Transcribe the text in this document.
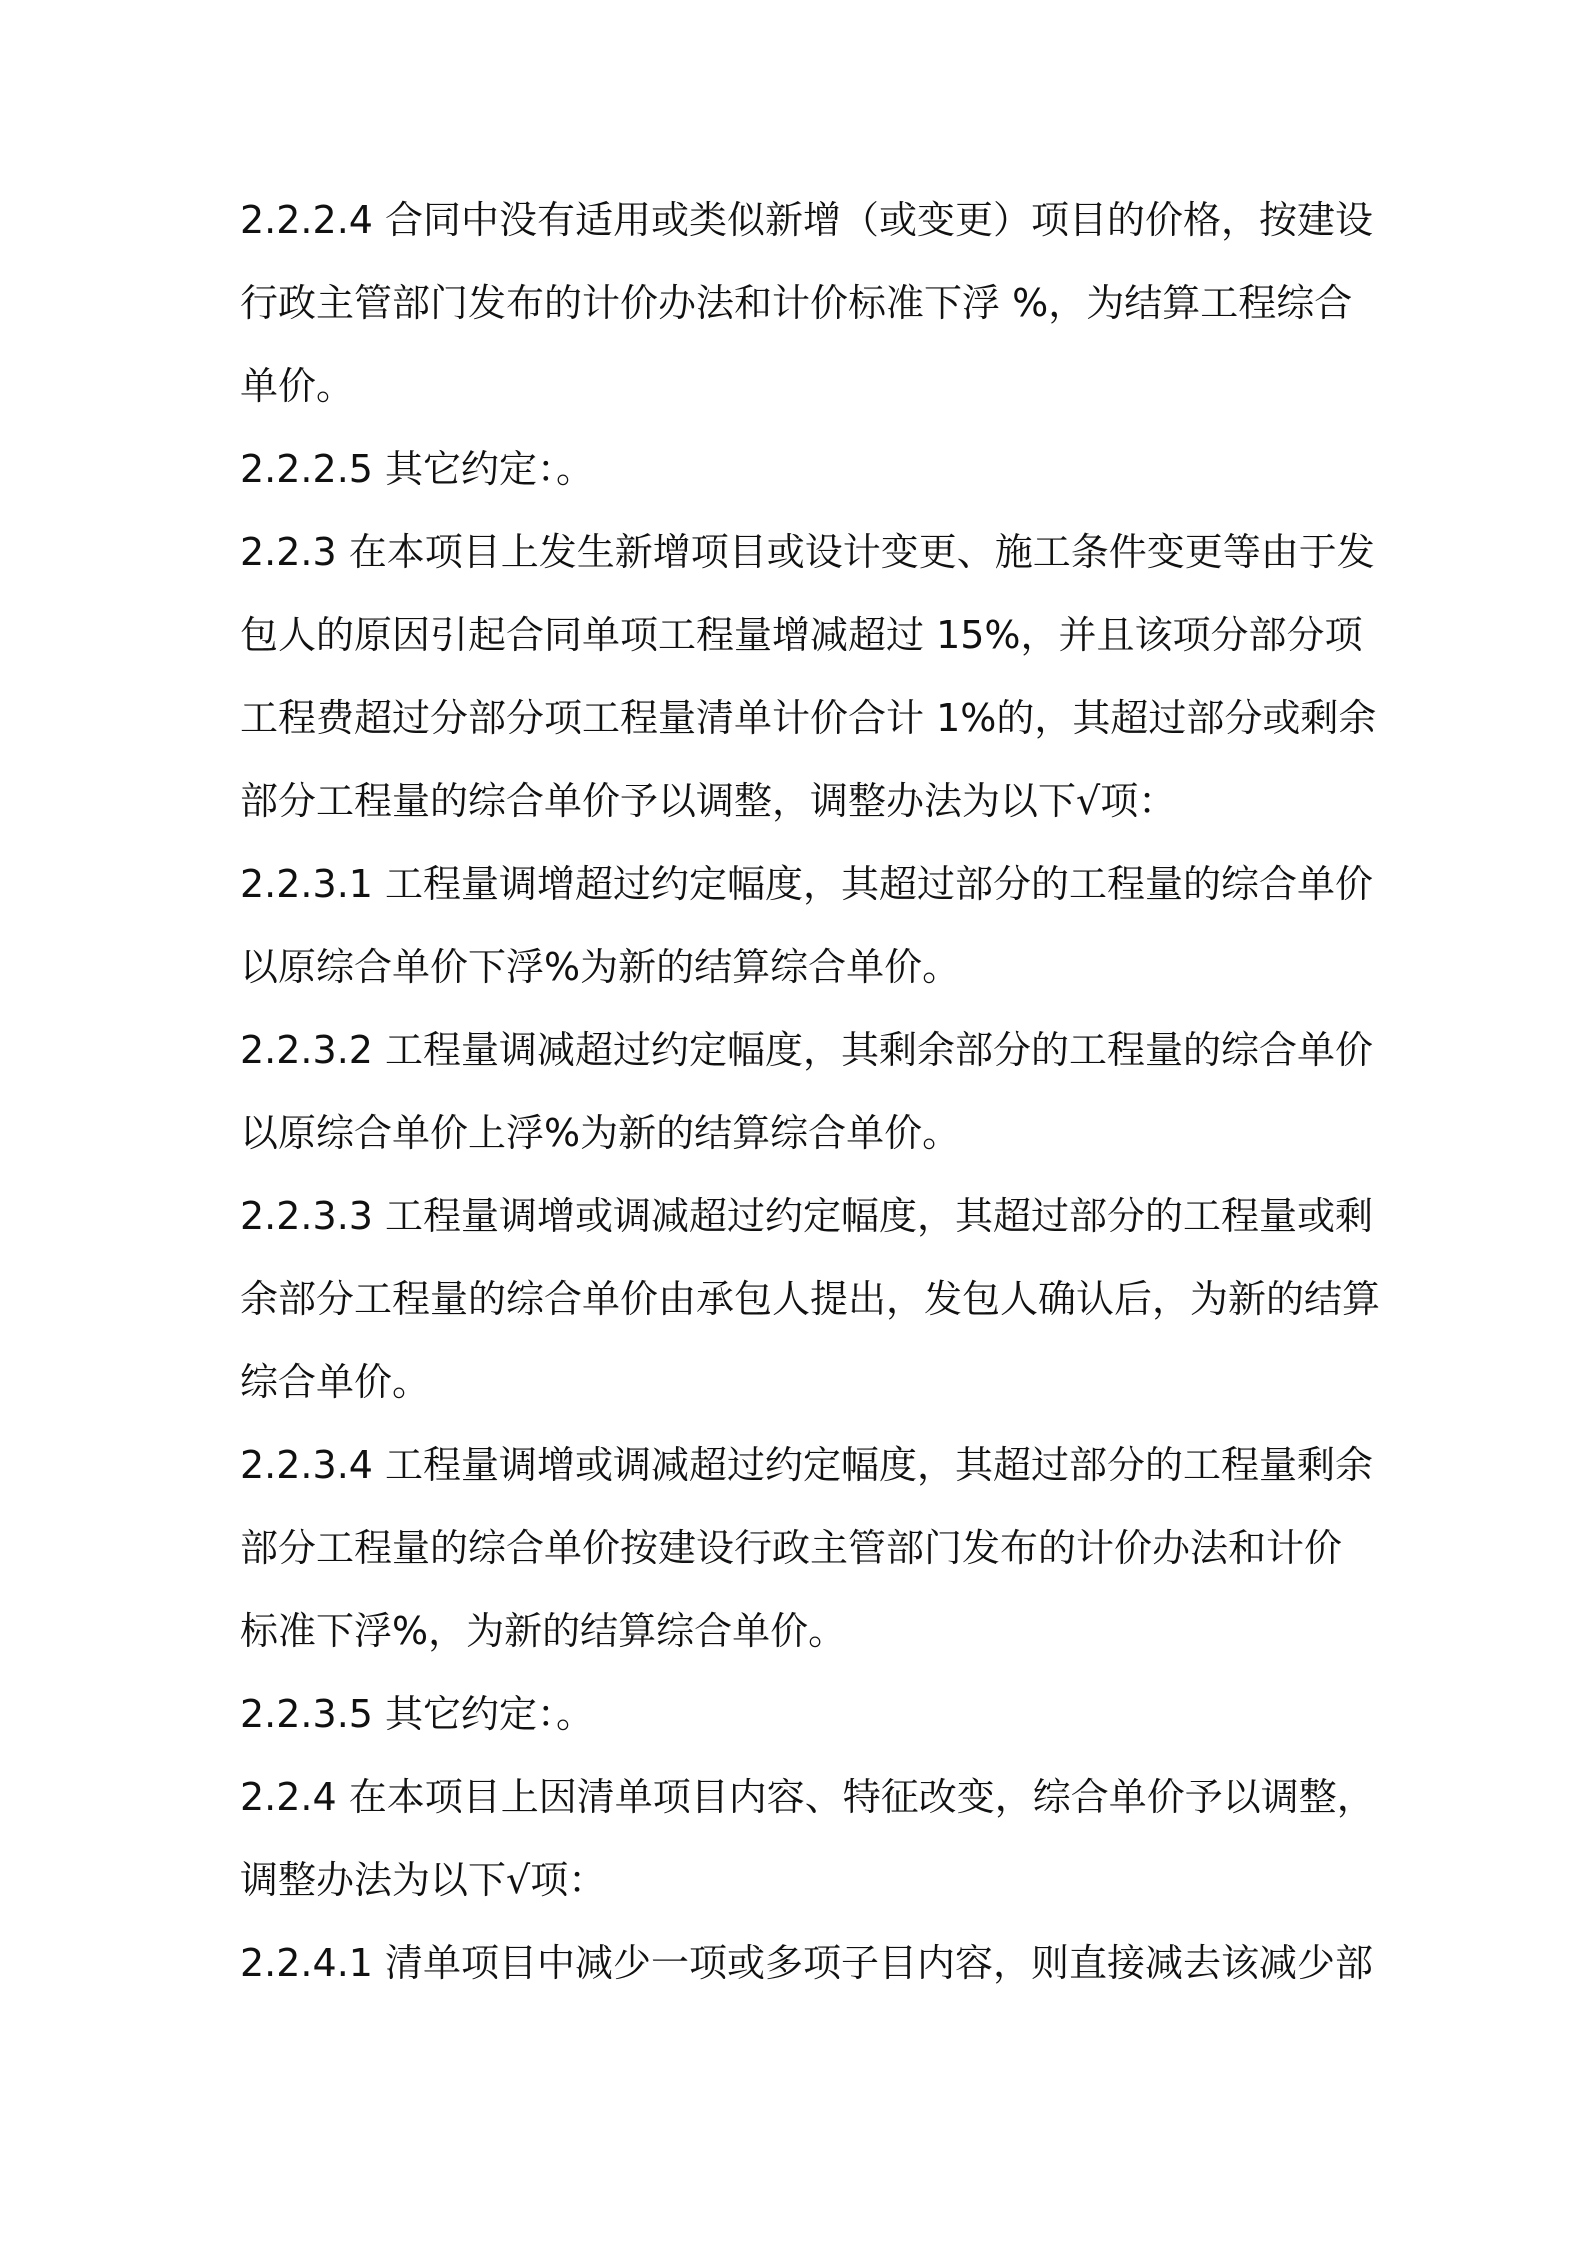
2.2.2.4 合同中没有适用或类似新增（或变更）项目的价格，按建设
行政主管部门发布的计价办法和计价标准下浮 %，为结算工程综合
单价。
2.2.2.5 其它约定：。
2.2.3 在本项目上发生新增项目或设计变更、施工条件变更等由于发
包人的原因引起合同单项工程量增减超过 15%，并且该项分部分项
工程费超过分部分项工程量清单计价合计 1%的，其超过部分或剩余
部分工程量的综合单价予以调整，调整办法为以下√项：
2.2.3.1 工程量调增超过约定幅度，其超过部分的工程量的综合单价
以原综合单价下浮%为新的结算综合单价。
2.2.3.2 工程量调减超过约定幅度，其剩余部分的工程量的综合单价
以原综合单价上浮%为新的结算综合单价。
2.2.3.3 工程量调增或调减超过约定幅度，其超过部分的工程量或剩
余部分工程量的综合单价由承包人提出，发包人确认后，为新的结算
综合单价。
2.2.3.4 工程量调增或调减超过约定幅度，其超过部分的工程量剩余
部分工程量的综合单价按建设行政主管部门发布的计价办法和计价
标准下浮%，为新的结算综合单价。
2.2.3.5 其它约定：。
2.2.4 在本项目上因清单项目内容、特征改变，综合单价予以调整，
调整办法为以下√项：
2.2.4.1 清单项目中减少一项或多项子目内容，则直接减去该减少部
